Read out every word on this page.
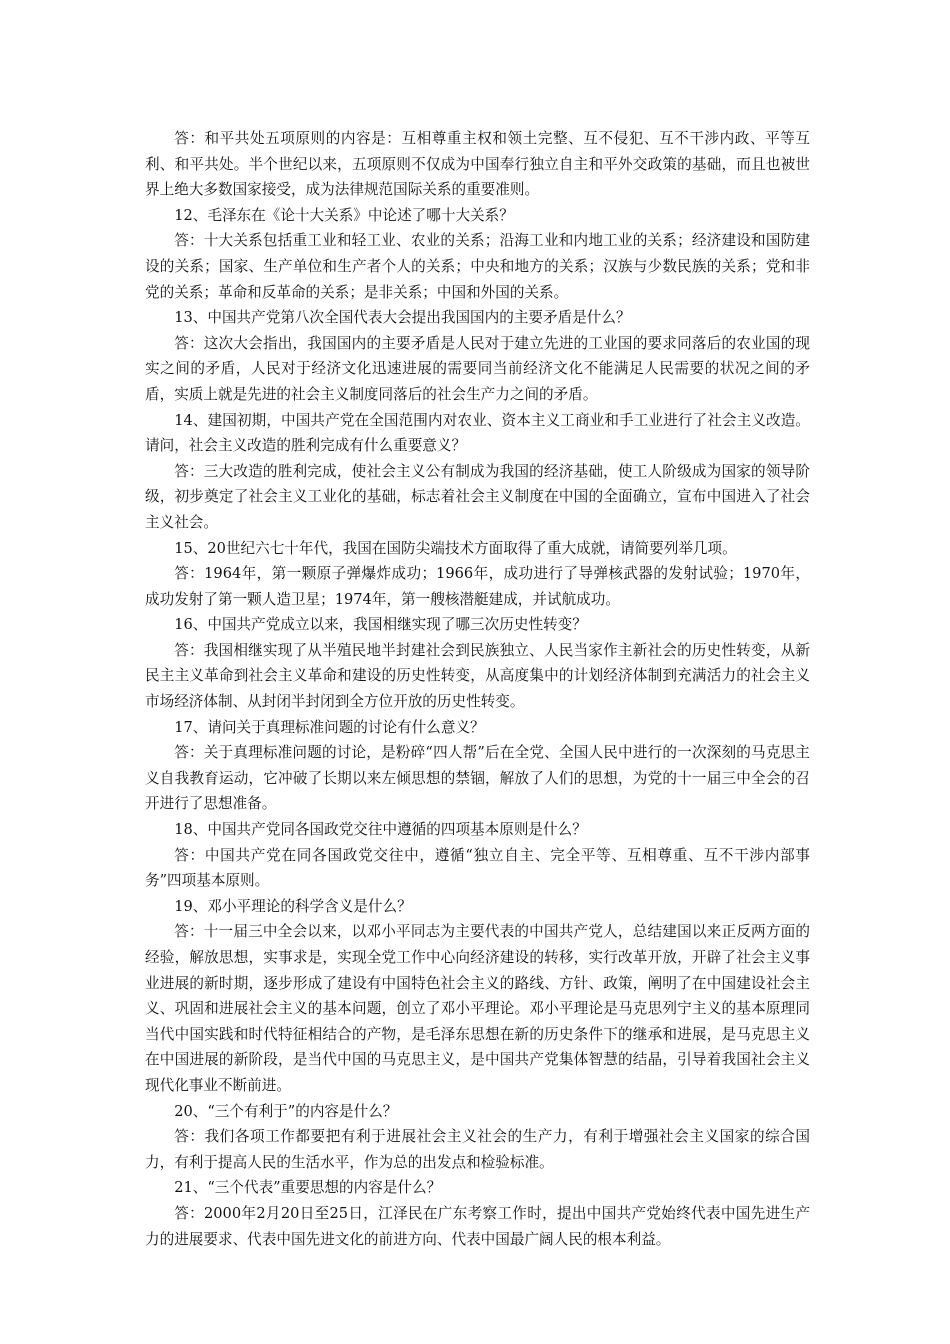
答：和平共处五项原则的内容是：互相尊重主权和领土完整、互不侵犯、互不干涉内政、平等互利、和平共处。半个世纪以来，五项原则不仅成为中国奉行独立自主和平外交政策的基础，而且也被世界上绝大多数国家接受，成为法律规范国际关系的重要准则。

12、毛泽东在《论十大关系》中论述了哪十大关系？

答：十大关系包括重工业和轻工业、农业的关系；沿海工业和内地工业的关系；经济建设和国防建设的关系；国家、生产单位和生产者个人的关系；中央和地方的关系；汉族与少数民族的关系；党和非党的关系；革命和反革命的关系；是非关系；中国和外国的关系。

13、中国共产党第八次全国代表大会提出我国国内的主要矛盾是什么？

答：这次大会指出，我国国内的主要矛盾是人民对于建立先进的工业国的要求同落后的农业国的现实之间的矛盾，人民对于经济文化迅速进展的需要同当前经济文化不能满足人民需要的状况之间的矛盾，实质上就是先进的社会主义制度同落后的社会生产力之间的矛盾。

14、建国初期，中国共产党在全国范围内对农业、资本主义工商业和手工业进行了社会主义改造。请问，社会主义改造的胜利完成有什么重要意义？

答：三大改造的胜利完成，使社会主义公有制成为我国的经济基础，使工人阶级成为国家的领导阶级，初步奠定了社会主义工业化的基础，标志着社会主义制度在中国的全面确立，宣布中国进入了社会主义社会。

15、20世纪六七十年代，我国在国防尖端技术方面取得了重大成就，请简要列举几项。

答：1964年，第一颗原子弹爆炸成功；1966年，成功进行了导弹核武器的发射试验；1970年，成功发射了第一颗人造卫星；1974年，第一艘核潜艇建成，并试航成功。

16、中国共产党成立以来，我国相继实现了哪三次历史性转变？

答：我国相继实现了从半殖民地半封建社会到民族独立、人民当家作主新社会的历史性转变，从新民主主义革命到社会主义革命和建设的历史性转变，从高度集中的计划经济体制到充满活力的社会主义市场经济体制、从封闭半封闭到全方位开放的历史性转变。

17、请问关于真理标准问题的讨论有什么意义？

答：关于真理标准问题的讨论，是粉碎“四人帮”后在全党、全国人民中进行的一次深刻的马克思主义自我教育运动，它冲破了长期以来左倾思想的禁锢，解放了人们的思想，为党的十一届三中全会的召开进行了思想准备。

18、中国共产党同各国政党交往中遵循的四项基本原则是什么？

答：中国共产党在同各国政党交往中，遵循“独立自主、完全平等、互相尊重、互不干涉内部事务”四项基本原则。

19、邓小平理论的科学含义是什么？

答：十一届三中全会以来，以邓小平同志为主要代表的中国共产党人，总结建国以来正反两方面的经验，解放思想，实事求是，实现全党工作中心向经济建设的转移，实行改革开放，开辟了社会主义事业进展的新时期，逐步形成了建设有中国特色社会主义的路线、方针、政策，阐明了在中国建设社会主义、巩固和进展社会主义的基本问题，创立了邓小平理论。邓小平理论是马克思列宁主义的基本原理同当代中国实践和时代特征相结合的产物，是毛泽东思想在新的历史条件下的继承和进展，是马克思主义在中国进展的新阶段，是当代中国的马克思主义，是中国共产党集体智慧的结晶，引导着我国社会主义现代化事业不断前进。

20、“三个有利于”的内容是什么？

答：我们各项工作都要把有利于进展社会主义社会的生产力，有利于增强社会主义国家的综合国力，有利于提高人民的生活水平，作为总的出发点和检验标准。

21、“三个代表”重要思想的内容是什么？

答：2000年2月20日至25日，江泽民在广东考察工作时，提出中国共产党始终代表中国先进生产力的进展要求、代表中国先进文化的前进方向、代表中国最广阔人民的根本利益。
